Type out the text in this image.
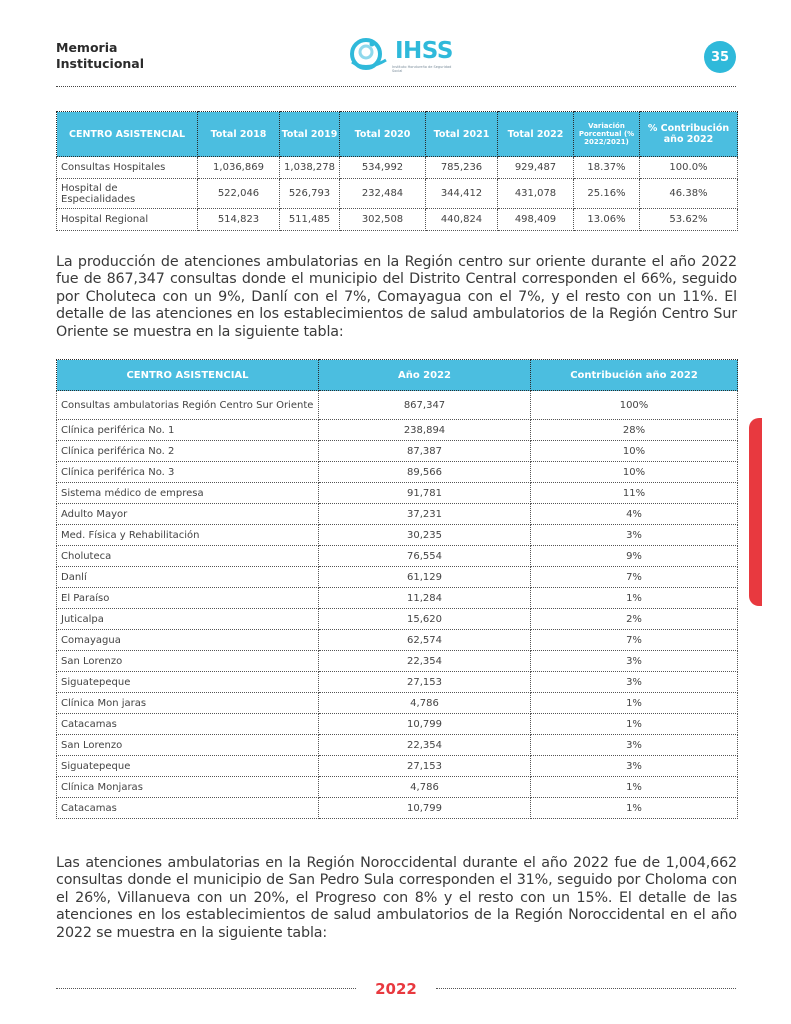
Memoria
Institucional	IHSS
Instituto Hondureño de Seguridad Social
35
CENTRO ASISTENCIAL	Total 2018	Total 2019	Total 2020	Total 2021	Total 2022	Variación Porcentual (% 2022/2021)	% Contribución año 2022
Consultas Hospitales	1,036,869	1,038,278	534,992	785,236	929,487	18.37%	100.0%
Hospital de Especialidades	522,046	526,793	232,484	344,412	431,078	25.16%	46.38%
Hospital Regional	514,823	511,485	302,508	440,824	498,409	13.06%	53.62%

La producción de atenciones ambulatorias en la Región centro sur oriente durante el año 2022 fue de 867,347 consultas donde el municipio del Distrito Central corresponden el 66%, seguido por Choluteca con un 9%, Danlí con el 7%, Comayagua con el 7%, y el resto con un 11%. El detalle de las atenciones en los establecimientos de salud ambulatorios de la Región Centro Sur Oriente se muestra en la siguiente tabla:

CENTRO ASISTENCIAL	Año 2022	Contribución año 2022
Consultas ambulatorias Región Centro Sur Oriente	867,347	100%
Clínica periférica No. 1	238,894	28%
Clínica periférica No. 2	87,387	10%
Clínica periférica No. 3	89,566	10%
Sistema médico de empresa	91,781	11%
Adulto Mayor	37,231	4%
Med. Física y Rehabilitación	30,235	3%
Choluteca	76,554	9%
Danlí	61,129	7%
El Paraíso	11,284	1%
Juticalpa	15,620	2%
Comayagua	62,574	7%
San Lorenzo	22,354	3%
Siguatepeque	27,153	3%
Clínica Mon jaras	4,786	1%
Catacamas	10,799	1%
San Lorenzo	22,354	3%
Siguatepeque	27,153	3%
Clínica Monjaras	4,786	1%
Catacamas	10,799	1%

Las atenciones ambulatorias en la Región Noroccidental durante el año 2022 fue de 1,004,662 consultas donde el municipio de San Pedro Sula corresponden el 31%, seguido por Choloma con el 26%, Villanueva con un 20%, el Progreso con 8% y el resto con un 15%. El detalle de las atenciones en los establecimientos de salud ambulatorios de la Región Noroccidental en el año 2022 se muestra en la siguiente tabla:

2022
